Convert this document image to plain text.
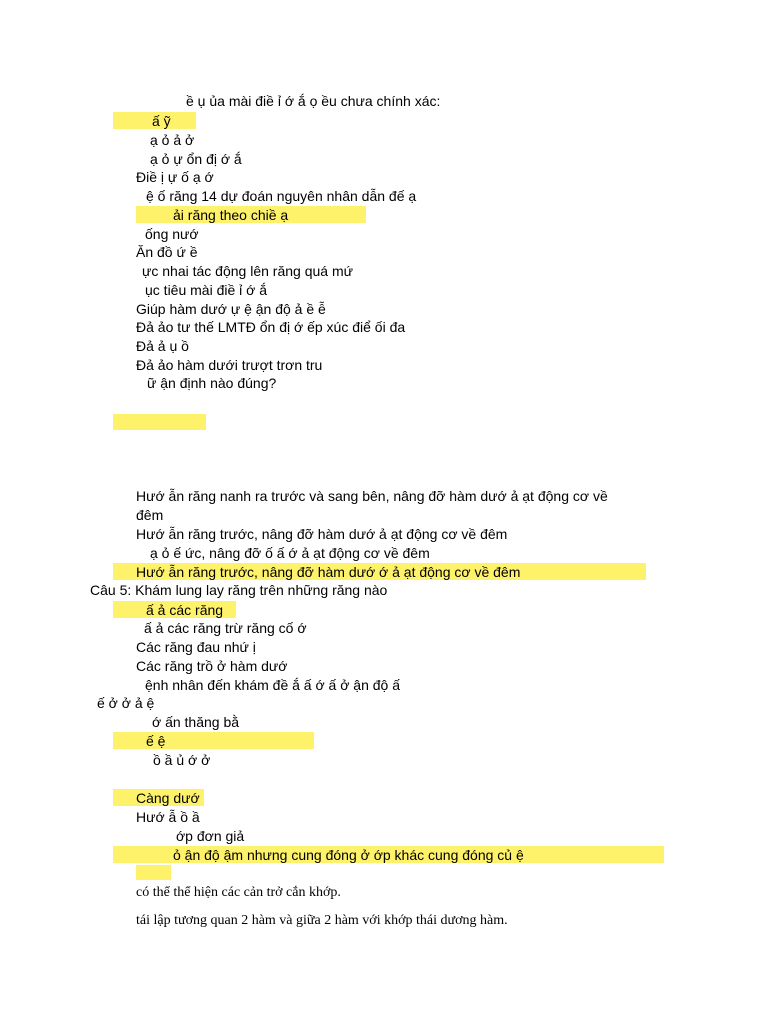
ề ụ ủa mài điề ỉ ớ ắ ọ ều chưa chính xác:
ấ ỹ
ạ ỏ ả ở
ạ ỏ ự ổn đị ớ ắ
Điề ị ự ố ạ ớ
ệ ố răng 14 dự đoán nguyên nhân dẫn đế ạ
ải răng theo chiề ạ
ống nướ
Ăn đồ ứ ề
ực nhai tác động lên răng quá mứ
ục tiêu mài điề ỉ ớ ắ
Giúp hàm dướ ự ệ ận độ ả ề ễ
Đả ảo tư thế LMTĐ ổn đị ớ ếp xúc điể ối đa
Đả ả ụ ồ
Đả ảo hàm dưới trượt trơn tru
ữ ận định nào đúng?
Hướ ẫn răng nanh ra trước và sang bên, nâng đỡ hàm dướ ả ạt động cơ về
đêm
Hướ ẫn răng trước, nâng đỡ hàm dướ ả ạt động cơ về đêm
ạ ỏ ế ức, nâng đỡ ố ấ ớ ả ạt động cơ về đêm
Hướ ẫn răng trước, nâng đỡ hàm dướ ớ ả ạt động cơ về đêm
Câu 5: Khám lung lay răng trên những răng nào
ấ ả các răng
ấ ả các răng trừ răng cố ớ
Các răng đau nhứ ị
Các răng trồ ở hàm dướ
ệnh nhân đến khám đề ắ ấ ớ ấ ở ận độ ấ
ế ở ở ả ệ
ớ ấn thăng bằ
ế ệ
ồ ầ ủ ớ ở
Càng dướ
Hướ ẫ ồ ầ
ớp đơn giả
ỏ ận độ ậm nhưng cung đóng ở ớp khác cung đóng củ ệ
có thể thể hiện các cản trở cắn khớp.
tái lập tương quan 2 hàm và giữa 2 hàm với khớp thái dương hàm.
